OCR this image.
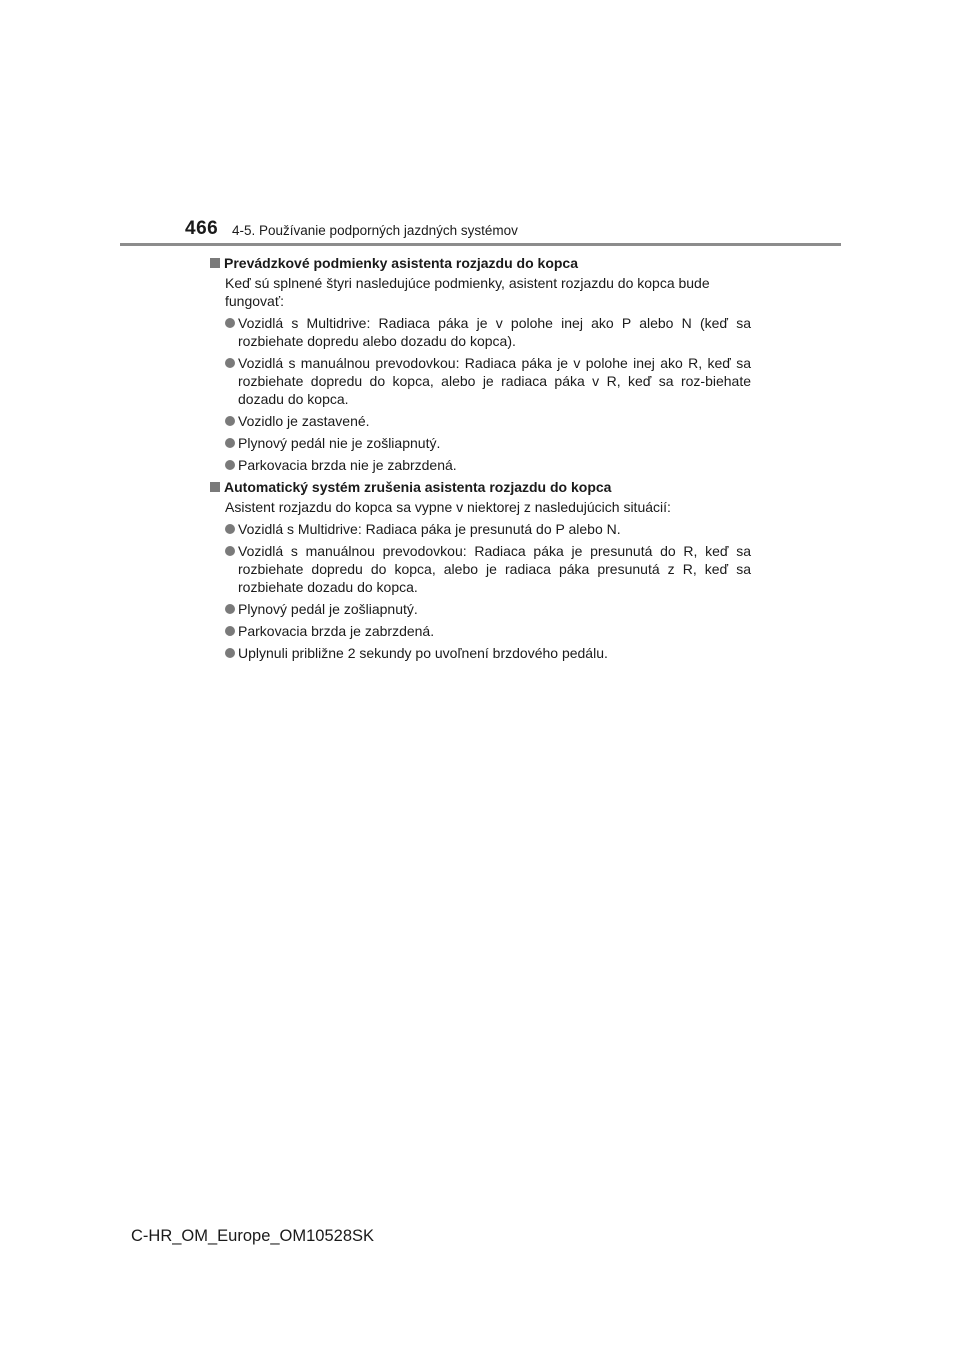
466 4-5. Používanie podporných jazdných systémov
Prevádzkové podmienky asistenta rozjazdu do kopca
Keď sú splnené štyri nasledujúce podmienky, asistent rozjazdu do kopca bude fungovať:
Vozidlá s Multidrive: Radiaca páka je v polohe inej ako P alebo N (keď sa rozbiehate dopredu alebo dozadu do kopca).
Vozidlá s manuálnou prevodovkou: Radiaca páka je v polohe inej ako R, keď sa rozbiehate dopredu do kopca, alebo je radiaca páka v R, keď sa roz-biehate dozadu do kopca.
Vozidlo je zastavené.
Plynový pedál nie je zošliapnutý.
Parkovacia brzda nie je zabrzdená.
Automatický systém zrušenia asistenta rozjazdu do kopca
Asistent rozjazdu do kopca sa vypne v niektorej z nasledujúcich situácií:
Vozidlá s Multidrive: Radiaca páka je presunutá do P alebo N.
Vozidlá s manuálnou prevodovkou: Radiaca páka je presunutá do R, keď sa rozbiehate dopredu do kopca, alebo je radiaca páka presunutá z R, keď sa rozbiehate dozadu do kopca.
Plynový pedál je zošliapnutý.
Parkovacia brzda je zabrzdená.
Uplynuli približne 2 sekundy po uvoľnení brzdového pedálu.
C-HR_OM_Europe_OM10528SK
